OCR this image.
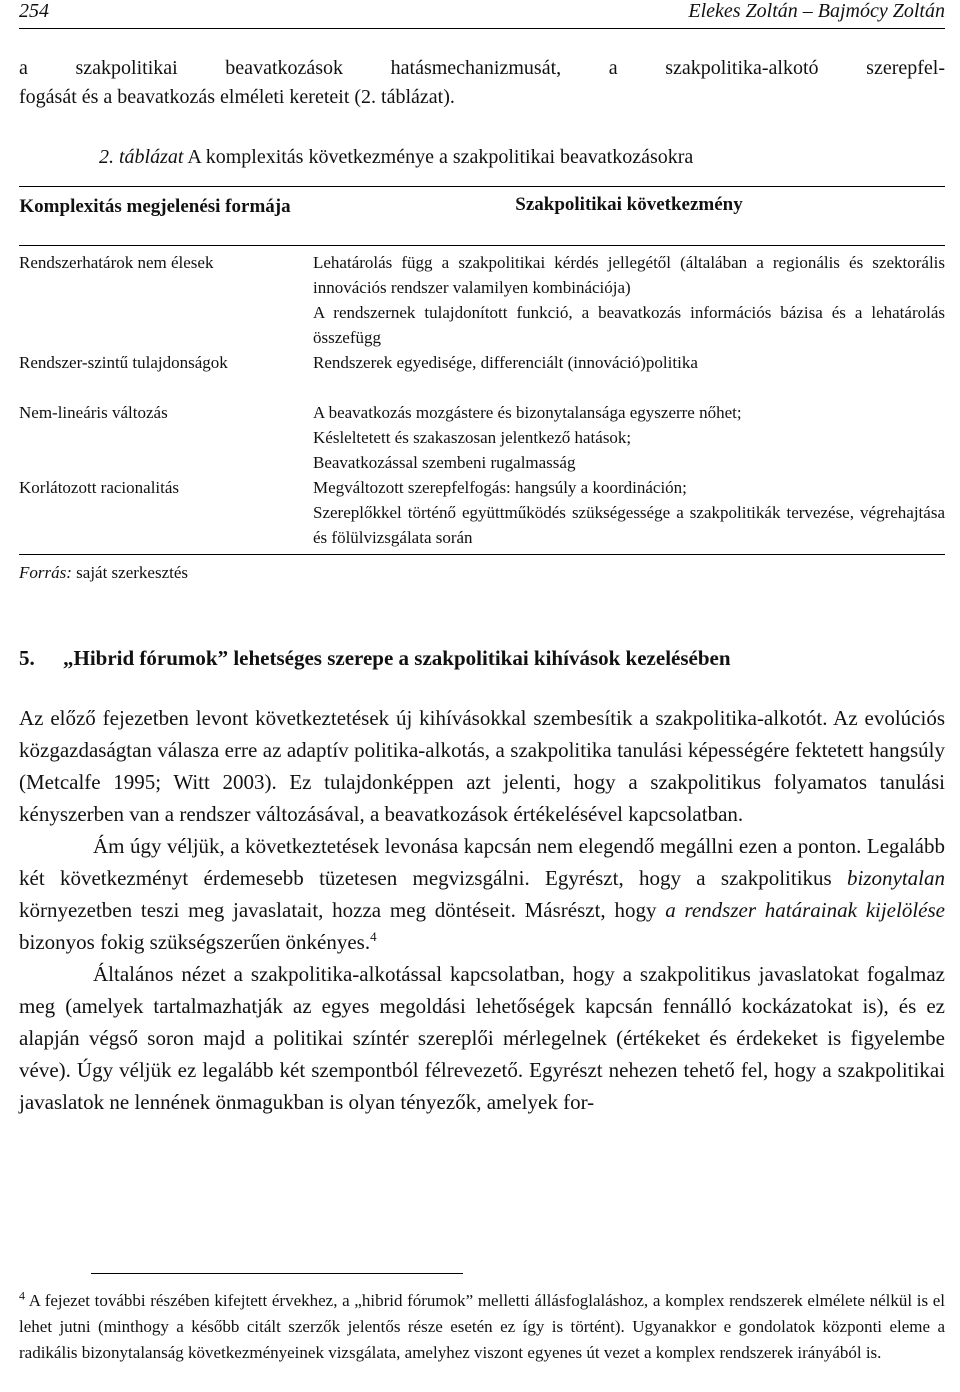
254	Elekes Zoltán – Bajmócy Zoltán
a szakpolitikai beavatkozások hatásmechanizmusát, a szakpolitika-alkotó szerepfel-
fogását és a beavatkozás elméleti kereteit (2. táblázat).
2. táblázat A komplexitás következménye a szakpolitikai beavatkozásokra
Komplexitás megjelenési formája	Szakpolitikai következmény
Rendszerhatárok nem élesek	Lehatárolás függ a szakpolitikai kérdés jellegétől (általában a regionális és szektorális innovációs rendszer valamilyen kombinációja)
A rendszernek tulajdonított funkció, a beavatkozás információs bázisa és a lehatárolás összefügg
Rendszer-szintű tulajdonságok	Rendszerek egyedisége, differenciált (innováció)politika
Nem-lineáris változás	A beavatkozás mozgástere és bizonytalansága egyszerre nőhet;
Késleltetett és szakaszosan jelentkező hatások;
Beavatkozással szembeni rugalmasság
Korlátozott racionalitás	Megváltozott szerepfelfogás: hangsúly a koordináción;
Szereplőkkel történő együttműködés szükségessége a szakpolitikák tervezése, végrehajtása és fölülvizsgálata során
Forrás: saját szerkesztés
5. „Hibrid fórumok” lehetséges szerepe a szakpolitikai kihívások kezelésében

Az előző fejezetben levont következtetések új kihívásokkal szembesítik a szakpolitika-alkotót. Az evolúciós közgazdaságtan válasza erre az adaptív politika-alkotás, a szakpolitika tanulási képességére fektetett hangsúly (Metcalfe 1995; Witt 2003). Ez tulajdonképpen azt jelenti, hogy a szakpolitikus folyamatos tanulási kényszerben van a rendszer változásával, a beavatkozások értékelésével kapcsolatban.

Ám úgy véljük, a következtetések levonása kapcsán nem elegendő megállni ezen a ponton. Legalább két következményt érdemesebb tüzetesen megvizsgálni. Egyrészt, hogy a szakpolitikus bizonytalan környezetben teszi meg javaslatait, hozza meg döntéseit. Másrészt, hogy a rendszer határainak kijelölése bizonyos fokig szükségszerűen önkényes.$^4$

Általános nézet a szakpolitika-alkotással kapcsolatban, hogy a szakpolitikus javaslatokat fogalmaz meg (amelyek tartalmazhatják az egyes megoldási lehetőségek kapcsán fennálló kockázatokat is), és ez alapján végső soron majd a politikai színtér szereplői mérlegelnek (értékeket és érdekeket is figyelembe véve). Úgy véljük ez legalább két szempontból félrevezető. Egyrészt nehezen tehető fel, hogy a szakpolitikai javaslatok ne lennének önmagukban is olyan tényezők, amelyek for-

$^4$ A fejezet további részében kifejtett érvekhez, a „hibrid fórumok” melletti állásfoglaláshoz, a komplex rendszerek elmélete nélkül is el lehet jutni (minthogy a később citált szerzők jelentős része esetén ez így is történt). Ugyanakkor e gondolatok központi eleme a radikális bizonytalanság következményeinek vizsgálata, amelyhez viszont egyenes út vezet a komplex rendszerek irányából is.
